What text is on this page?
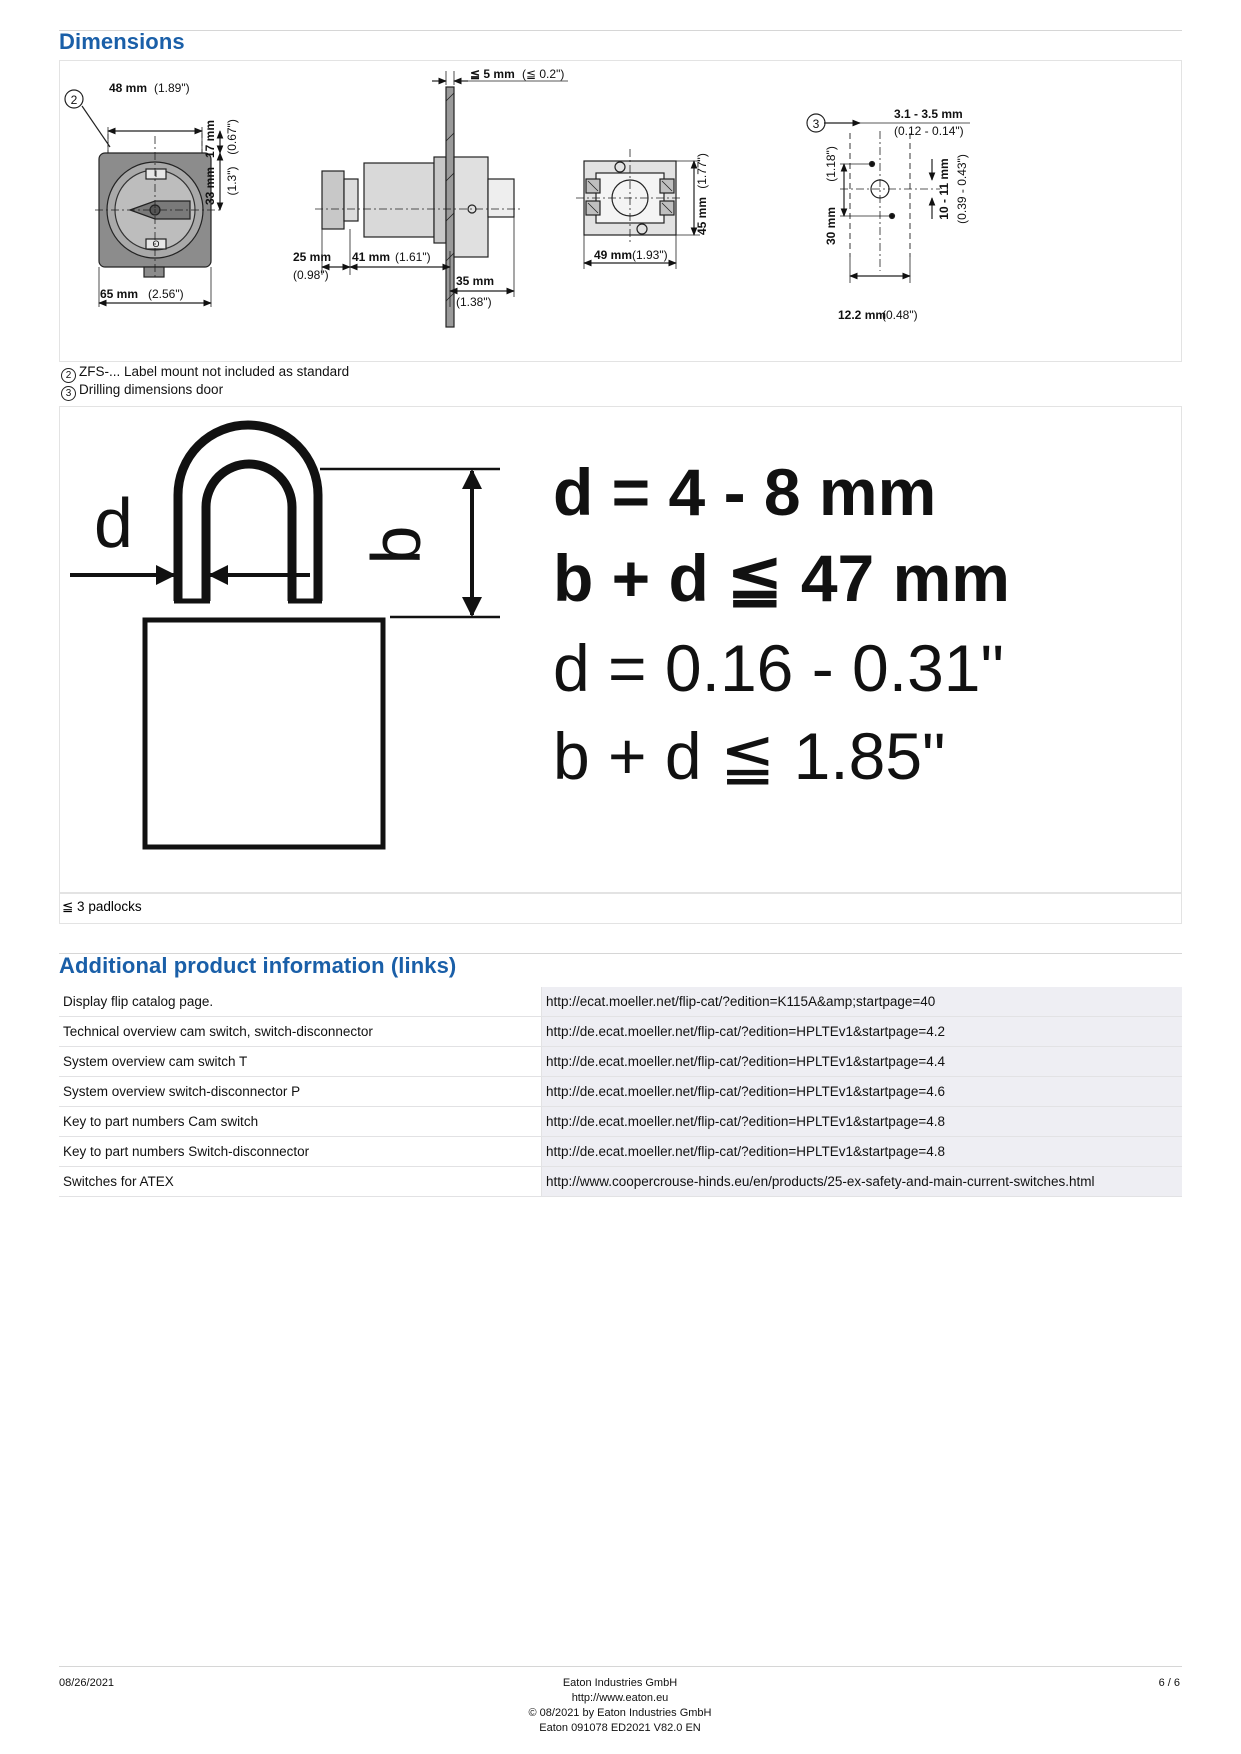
Dimensions
2
I
O
48 mm (1.89")
17 mm (0.67")
33 mm (1.3")
65 mm (2.56")
≦ 5 mm (≦ 0.2")
25 mm
(0.98")
41 mm (1.61")
35 mm
(1.38")
45 mm
(1.77")
49 mm (1.93")
3
3.1 - 3.5 mm
(0.12 - 0.14")
30 mm
(1.18")	10 - 11 mm (0.39 - 0.43")
12.2 mm
(0.48")
2 ZFS-... Label mount not included as standard
3 Drilling dimensions door
d	b
d = 4 - 8 mm
b + d ≦ 47 mm
d = 0.16 - 0.31"
b + d ≦ 1.85"
≦ 3 padlocks
Additional product information (links)
Display flip catalog page.	http://ecat.moeller.net/flip-cat/?edition=K115A&amp;startpage=40
Technical overview cam switch, switch-disconnector	http://de.ecat.moeller.net/flip-cat/?edition=HPLTEv1&startpage=4.2
System overview cam switch T	http://de.ecat.moeller.net/flip-cat/?edition=HPLTEv1&startpage=4.4
System overview switch-disconnector P	http://de.ecat.moeller.net/flip-cat/?edition=HPLTEv1&startpage=4.6
Key to part numbers Cam switch	http://de.ecat.moeller.net/flip-cat/?edition=HPLTEv1&startpage=4.8
Key to part numbers Switch-disconnector	http://de.ecat.moeller.net/flip-cat/?edition=HPLTEv1&startpage=4.8
Switches for ATEX	http://www.coopercrouse-hinds.eu/en/products/25-ex-safety-and-main-current-switches.html
08/26/2021	Eaton Industries GmbH
http://www.eaton.eu
© 08/2021 by Eaton Industries GmbH
Eaton 091078 ED2021 V82.0 EN
6 / 6
